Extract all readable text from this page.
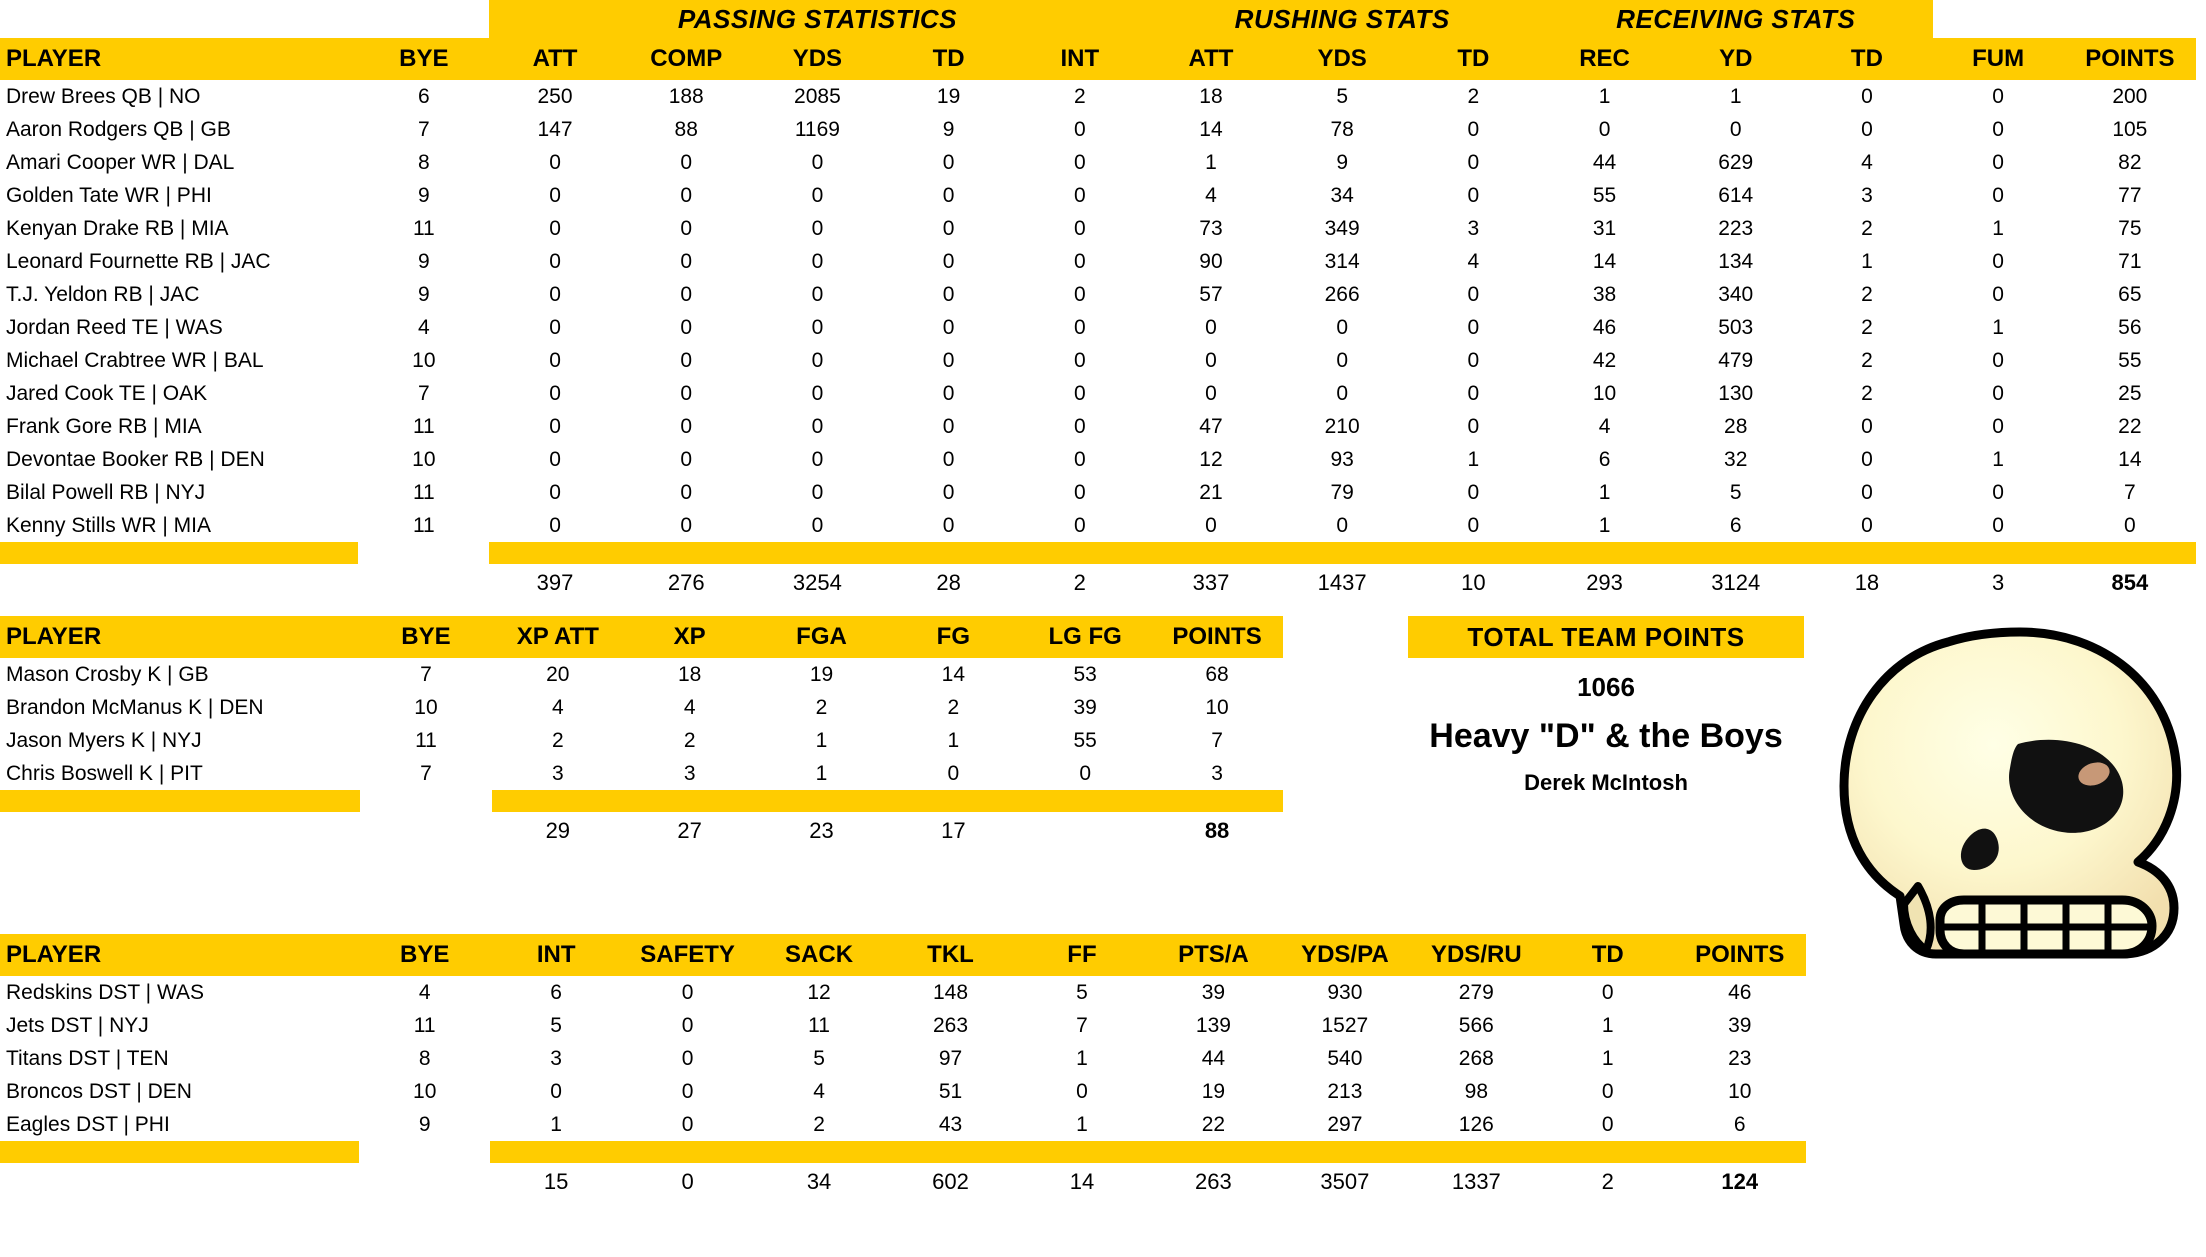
		PASSING STATISTICS					RUSHING STATS			RECEIVING STATS				
PLAYER	BYE	ATT	COMP	YDS	TD	INT	ATT	YDS	TD	REC	YD	TD	FUM	POINTS
Drew Brees QB | NO	6	250	188	2085	19	2	18	5	2	1	1	0	0	200
Aaron Rodgers QB | GB	7	147	88	1169	9	0	14	78	0	0	0	0	0	105
Amari Cooper WR | DAL	8	0	0	0	0	0	1	9	0	44	629	4	0	82
Golden Tate WR | PHI	9	0	0	0	0	0	4	34	0	55	614	3	0	77
Kenyan Drake RB | MIA	11	0	0	0	0	0	73	349	3	31	223	2	1	75
Leonard Fournette RB | JAC	9	0	0	0	0	0	90	314	4	14	134	1	0	71
T.J. Yeldon RB | JAC	9	0	0	0	0	0	57	266	0	38	340	2	0	65
Jordan Reed TE | WAS	4	0	0	0	0	0	0	0	0	46	503	2	1	56
Michael Crabtree WR | BAL	10	0	0	0	0	0	0	0	0	42	479	2	0	55
Jared Cook TE | OAK	7	0	0	0	0	0	0	0	0	10	130	2	0	25
Frank Gore RB | MIA	11	0	0	0	0	0	47	210	0	4	28	0	0	22
Devontae Booker RB | DEN	10	0	0	0	0	0	12	93	1	6	32	0	1	14
Bilal Powell RB | NYJ	11	0	0	0	0	0	21	79	0	1	5	0	0	7
Kenny Stills WR | MIA	11	0	0	0	0	0	0	0	0	1	6	0	0	0

		397	276	3254	28	2	337	1437	10	293	3124	18	3	854
PLAYER	BYE	XP ATT	XP	FGA	FG	LG FG	POINTS
Mason Crosby K | GB	7	20	18	19	14	53	68
Brandon McManus K | DEN	10	4	4	2	2	39	10
Jason Myers K | NYJ	11	2	2	1	1	55	7
Chris Boswell K | PIT	7	3	3	1	0	0	3

		29	27	23	17		88
TOTAL TEAM POINTS
1066
Heavy "D" & the Boys
Derek McIntosh
PLAYER	BYE	INT	SAFETY	SACK	TKL	FF	PTS/A	YDS/PA	YDS/RU	TD	POINTS
Redskins DST | WAS	4	6	0	12	148	5	39	930	279	0	46
Jets DST | NYJ	11	5	0	11	263	7	139	1527	566	1	39
Titans DST | TEN	8	3	0	5	97	1	44	540	268	1	23
Broncos DST | DEN	10	0	0	4	51	0	19	213	98	0	10
Eagles DST | PHI	9	1	0	2	43	1	22	297	126	0	6

		15	0	34	602	14	263	3507	1337	2	124
